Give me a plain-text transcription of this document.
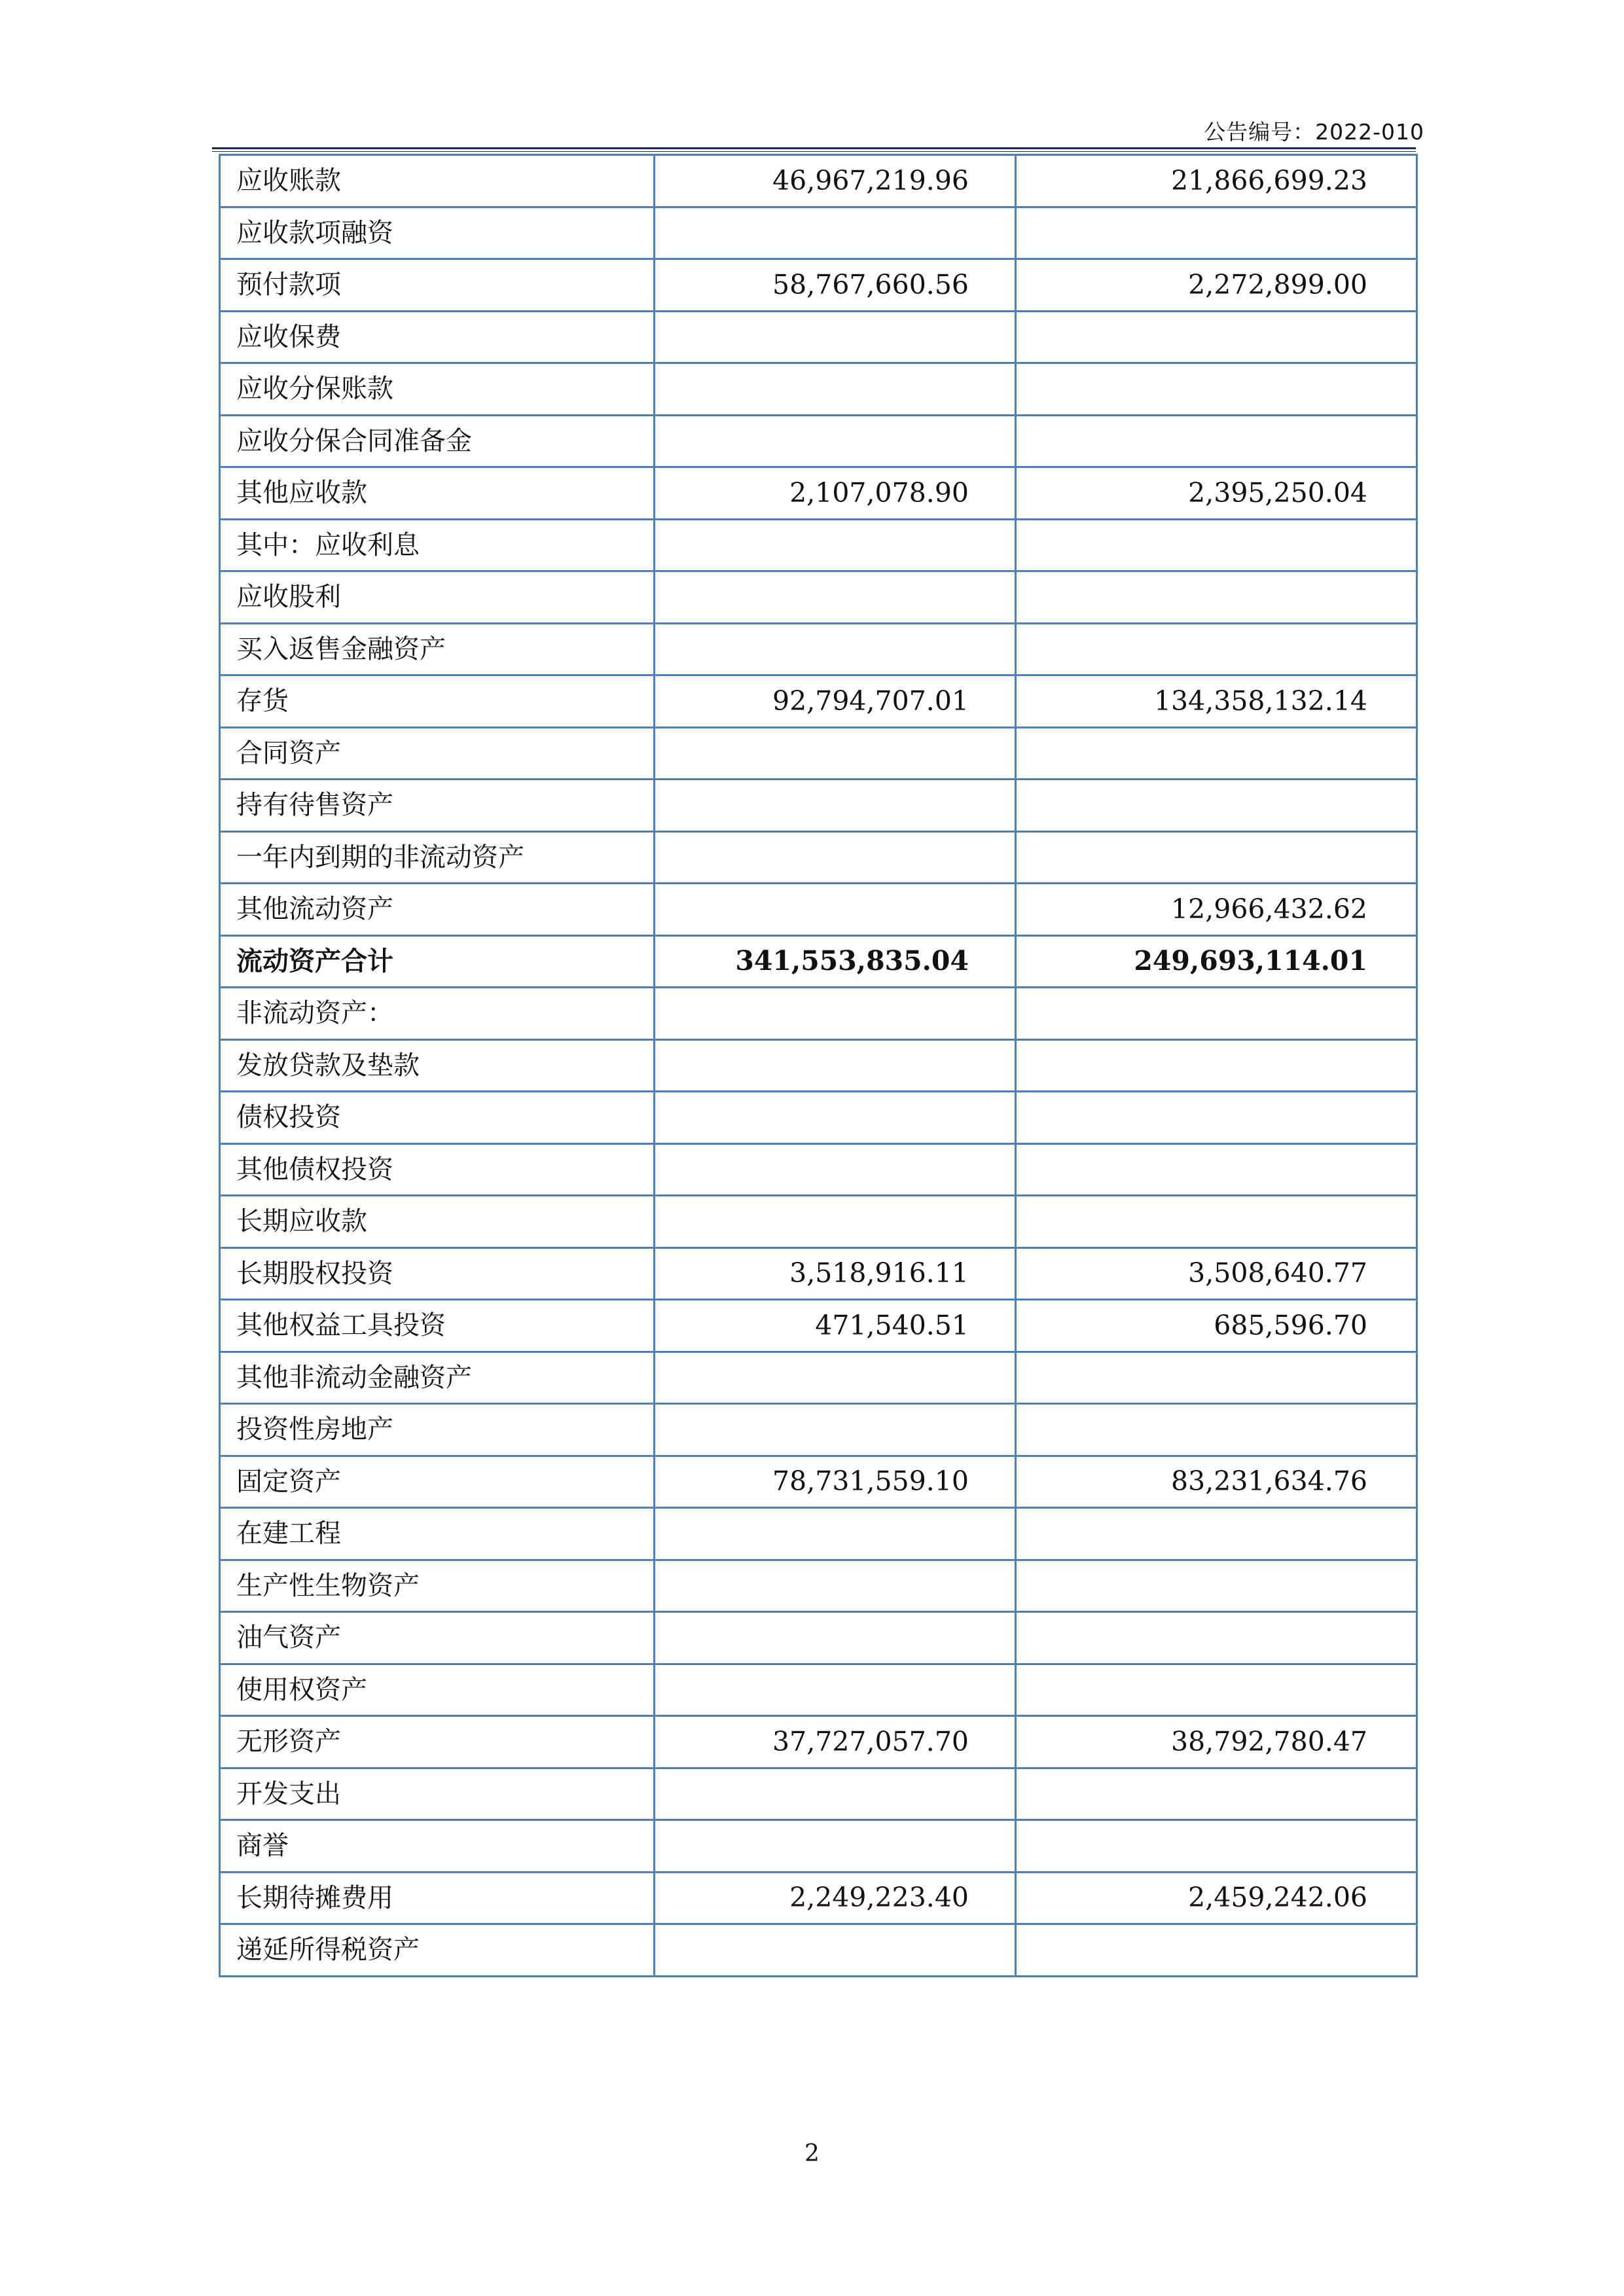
公告编号：2022-010
应收账款	46,967,219.96	21,866,699.23
应收款项融资		
预付款项	58,767,660.56	2,272,899.00
应收保费		
应收分保账款		
应收分保合同准备金		
其他应收款	2,107,078.90	2,395,250.04
其中：应收利息		
应收股利		
买入返售金融资产		
存货	92,794,707.01	134,358,132.14
合同资产		
持有待售资产		
一年内到期的非流动资产		
其他流动资产		12,966,432.62
流动资产合计	341,553,835.04	249,693,114.01
非流动资产：		
发放贷款及垫款		
债权投资		
其他债权投资		
长期应收款		
长期股权投资	3,518,916.11	3,508,640.77
其他权益工具投资	471,540.51	685,596.70
其他非流动金融资产		
投资性房地产		
固定资产	78,731,559.10	83,231,634.76
在建工程		
生产性生物资产		
油气资产		
使用权资产		
无形资产	37,727,057.70	38,792,780.47
开发支出		
商誉		
长期待摊费用	2,249,223.40	2,459,242.06
递延所得税资产		
2
